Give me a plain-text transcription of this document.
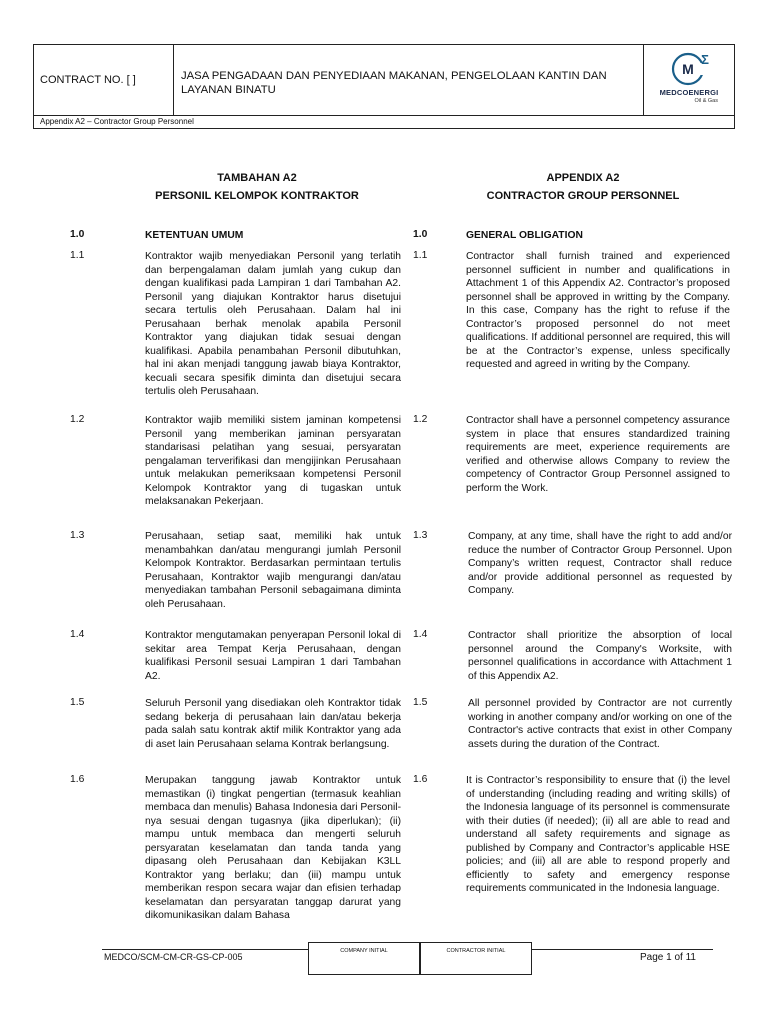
CONTRACT NO. [ ]	JASA PENGADAAN DAN PENYEDIAAN MAKANAN, PENGELOLAAN KANTIN DAN LAYANAN BINATU
M
Σ
MEDCOENERGI
Oil & Gas
Appendix A2 – Contractor Group Personnel
TAMBAHAN A2
PERSONIL KELOMPOK KONTRAKTOR
APPENDIX A2
CONTRACTOR GROUP PERSONNEL
1.0	KETENTUAN UMUM	1.0	GENERAL OBLIGATION
1.1	Kontraktor wajib menyediakan Personil yang terlatih dan berpengalaman dalam jumlah yang cukup dan dengan kualifikasi pada Lampiran 1 dari Tambahan A2. Personil yang diajukan Kontraktor harus disetujui secara tertulis oleh Perusahaan. Dalam hal ini Perusahaan berhak menolak apabila Personil Kontraktor yang diajukan tidak sesuai dengan kualifikasi. Apabila penambahan Personil dibutuhkan, hal ini akan menjadi tanggung jawab biaya Kontraktor, kecuali secara spesifik diminta dan disetujui secara tertulis oleh Perusahaan.
1.1	Contractor shall furnish trained and experienced personnel sufficient in number and qualifications in Attachment 1 of this Appendix A2. Contractor’s proposed personnel shall be approved in writting by the Company. In this case, Company has the right to refuse if the Contractor’s proposed personnel do not meet qualifications. If additional personnel are required, this will be at the Contractor’s expense, unless specifically requested and agreed in writing by the Company.
1.2	Kontraktor wajib memiliki sistem jaminan kompetensi Personil yang memberikan jaminan persyaratan standarisasi pelatihan yang sesuai, persyaratan pengalaman terverifikasi dan mengijinkan Perusahaan untuk melakukan pemeriksaan kompetensi Personil Kelompok Kontraktor yang di tugaskan untuk melaksanakan Pekerjaan.
1.2	Contractor shall have a personnel competency assurance system in place that ensures standardized training requirements are meet, experience requirements are verified and otherwise allows Company to review the competency of Contractor Group Personnel assigned to perform the Work.
1.3	Perusahaan, setiap saat, memiliki hak untuk menambahkan dan/atau mengurangi jumlah Personil Kelompok Kontraktor. Berdasarkan permintaan tertulis Perusahaan, Kontraktor wajib mengurangi dan/atau menyediakan tambahan Personil sebagaimana diminta oleh Perusahaan.
1.3	Company, at any time, shall have the right to add and/or reduce the number of Contractor Group Personnel. Upon Company’s written request, Contractor shall reduce and/or provide additional personnel as requested by Company.
1.4	Kontraktor mengutamakan penyerapan Personil lokal di sekitar area Tempat Kerja Perusahaan, dengan kualifikasi Personil sesuai Lampiran 1 dari Tambahan A2.
1.4	Contractor shall prioritize the absorption of local personnel around the Company's Worksite, with personnel qualifications in accordance with Attachment 1 of this Appendix A2.
1.5	Seluruh Personil yang disediakan oleh Kontraktor tidak sedang bekerja di perusahaan lain dan/atau bekerja pada salah satu kontrak aktif milik Kontraktor yang ada di aset lain Perusahaan selama Kontrak berlangsung.
1.5	All personnel provided by Contractor are not currently working in another company and/or working on one of the Contractor's active contracts that exist in other Company assets during the duration of the Contract.
1.6	Merupakan tanggung jawab Kontraktor untuk memastikan (i) tingkat pengertian (termasuk keahlian membaca dan menulis) Bahasa Indonesia dari Personil-nya sesuai dengan tugasnya (jika diperlukan); (ii) mampu untuk membaca dan mengerti seluruh persyaratan keselamatan dan tanda tanda yang dipasang oleh Perusahaan dan Kebijakan K3LL Kontraktor yang berlaku; dan (iii) mampu untuk memberikan respon secara wajar dan efisien terhadap keselamatan dan persyaratan tanggap darurat yang dikomunikasikan dalam Bahasa
1.6	It is Contractor’s responsibility to ensure that (i) the level of understanding (including reading and writing skills) of the Indonesia language of its personnel is commensurate with their duties (if needed); (ii) all are able to read and understand all safety requirements and signage as published by Company and Contractor’s applicable HSE policies; and (iii) all are able to respond properly and efficiently to safety and emergency response requirements communicated in the Indonesia language.
MEDCO/SCM-CM-CR-GS-CP-005
COMPANY INITIAL	CONTRACTOR INITIAL
Page 1 of 11
